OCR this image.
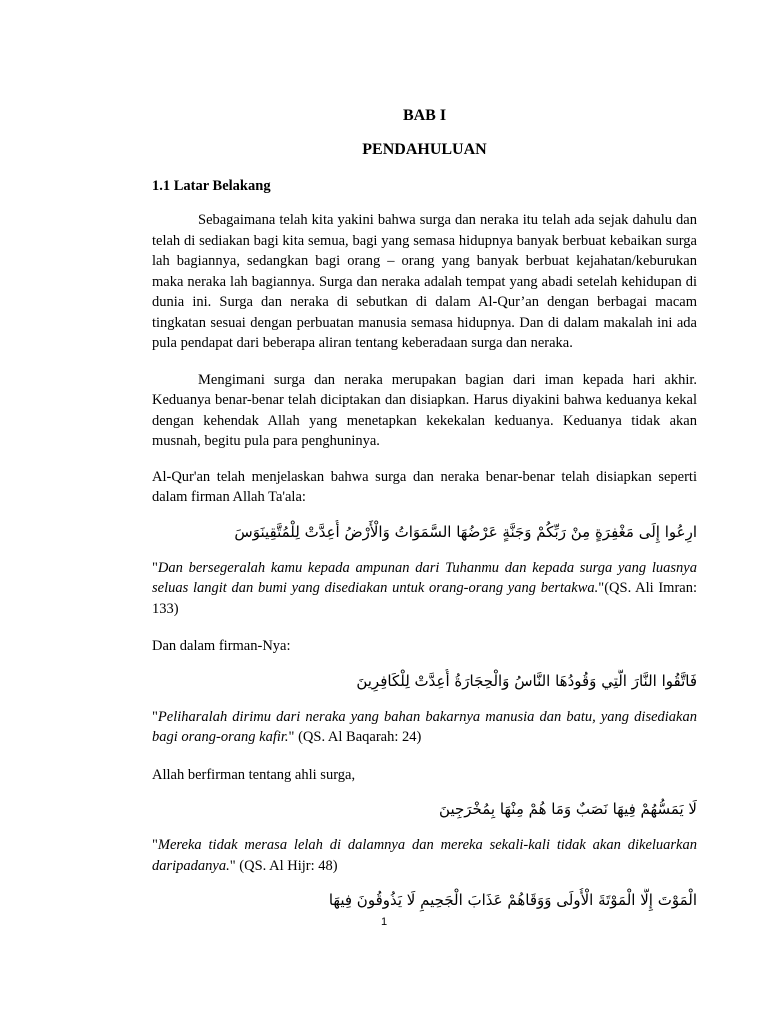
BAB I
PENDAHULUAN
1.1 Latar Belakang

Sebagaimana telah kita yakini bahwa surga dan neraka itu telah ada sejak dahulu dan telah di sediakan bagi kita semua, bagi yang semasa hidupnya banyak berbuat kebaikan surga lah bagiannya, sedangkan bagi orang – orang yang banyak berbuat kejahatan/keburukan maka neraka lah bagiannya. Surga dan neraka adalah tempat yang abadi setelah kehidupan di dunia ini. Surga dan neraka di sebutkan di dalam Al-Qur’an dengan berbagai macam tingkatan sesuai dengan perbuatan manusia semasa hidupnya. Dan di dalam makalah ini ada pula pendapat dari beberapa aliran tentang keberadaan surga dan neraka.

Mengimani surga dan neraka merupakan bagian dari iman kepada hari akhir. Keduanya benar-benar telah diciptakan dan disiapkan. Harus diyakini bahwa keduanya kekal dengan kehendak Allah yang menetapkan kekekalan keduanya. Keduanya tidak akan musnah, begitu pula para penghuninya.

Al-Qur'an telah menjelaskan bahwa surga dan neraka benar-benar telah disiapkan seperti dalam firman Allah Ta'ala:

ارِعُوا إِلَى مَغْفِرَةٍ مِنْ رَبِّكُمْ وَجَنَّةٍ عَرْضُهَا السَّمَوَاتُ وَالْأَرْضُ أُعِدَّتْ لِلْمُتَّقِينَوَسَ

"Dan bersegeralah kamu kepada ampunan dari Tuhanmu dan kepada surga yang luasnya seluas langit dan bumi yang disediakan untuk orang-orang yang bertakwa."(QS. Ali Imran: 133)

Dan dalam firman-Nya:

فَاتَّقُوا النَّارَ الَّتِي وَقُودُهَا النَّاسُ وَالْحِجَارَةُ أُعِدَّتْ لِلْكَافِرِينَ

"Peliharalah dirimu dari neraka yang bahan bakarnya manusia dan batu, yang disediakan bagi orang-orang kafir." (QS. Al Baqarah: 24)

Allah berfirman tentang ahli surga,

لَا يَمَسُّهُمْ فِيهَا نَصَبٌ وَمَا هُمْ مِنْهَا بِمُخْرَجِينَ

"Mereka tidak merasa lelah di dalamnya dan mereka sekali-kali tidak akan dikeluarkan daripadanya." (QS. Al Hijr: 48)

الْمَوْتَ إِلَّا الْمَوْتَةَ الْأُولَى وَوَقَاهُمْ عَذَابَ الْجَحِيمِ لَا يَذُوقُونَ فِيهَا
1
